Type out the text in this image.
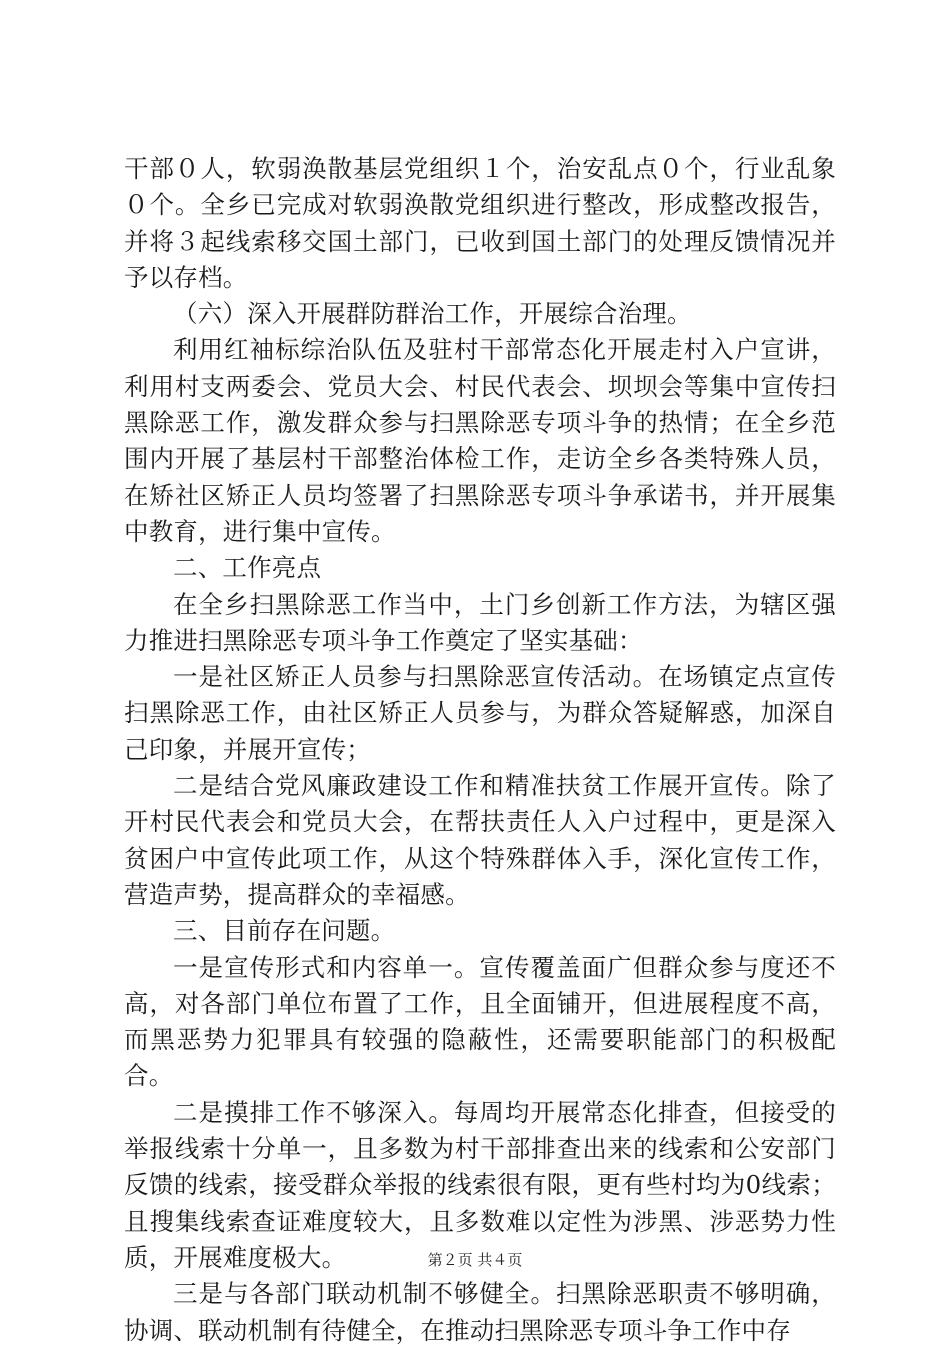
干部０人，软弱涣散基层党组织１个，治安乱点０个，行业乱象０个。全乡已完成对软弱涣散党组织进行整改，形成整改报告，并将３起线索移交国土部门，已收到国土部门的处理反馈情况并予以存档。

（六）深入开展群防群治工作，开展综合治理。

利用红袖标综治队伍及驻村干部常态化开展走村入户宣讲，利用村支两委会、党员大会、村民代表会、坝坝会等集中宣传扫黑除恶工作，激发群众参与扫黑除恶专项斗争的热情；在全乡范围内开展了基层村干部整治体检工作，走访全乡各类特殊人员，在矫社区矫正人员均签署了扫黑除恶专项斗争承诺书，并开展集中教育，进行集中宣传。

二、工作亮点

在全乡扫黑除恶工作当中，土门乡创新工作方法，为辖区强力推进扫黑除恶专项斗争工作奠定了坚实基础：

一是社区矫正人员参与扫黑除恶宣传活动。在场镇定点宣传扫黑除恶工作，由社区矫正人员参与，为群众答疑解惑，加深自己印象，并展开宣传；

二是结合党风廉政建设工作和精准扶贫工作展开宣传。除了开村民代表会和党员大会，在帮扶责任人入户过程中，更是深入贫困户中宣传此项工作，从这个特殊群体入手，深化宣传工作，营造声势，提高群众的幸福感。

三、目前存在问题。

一是宣传形式和内容单一。宣传覆盖面广但群众参与度还不高，对各部门单位布置了工作，且全面铺开，但进展程度不高，而黑恶势力犯罪具有较强的隐蔽性，还需要职能部门的积极配合。

二是摸排工作不够深入。每周均开展常态化排查，但接受的举报线索十分单一，且多数为村干部排查出来的线索和公安部门反馈的线索，接受群众举报的线索很有限，更有些村均为0线索；且搜集线索查证难度较大，且多数难以定性为涉黑、涉恶势力性质，开展难度极大。

三是与各部门联动机制不够健全。扫黑除恶职责不够明确，协调、联动机制有待健全，在推动扫黑除恶专项斗争工作中存

第２页 共４页
